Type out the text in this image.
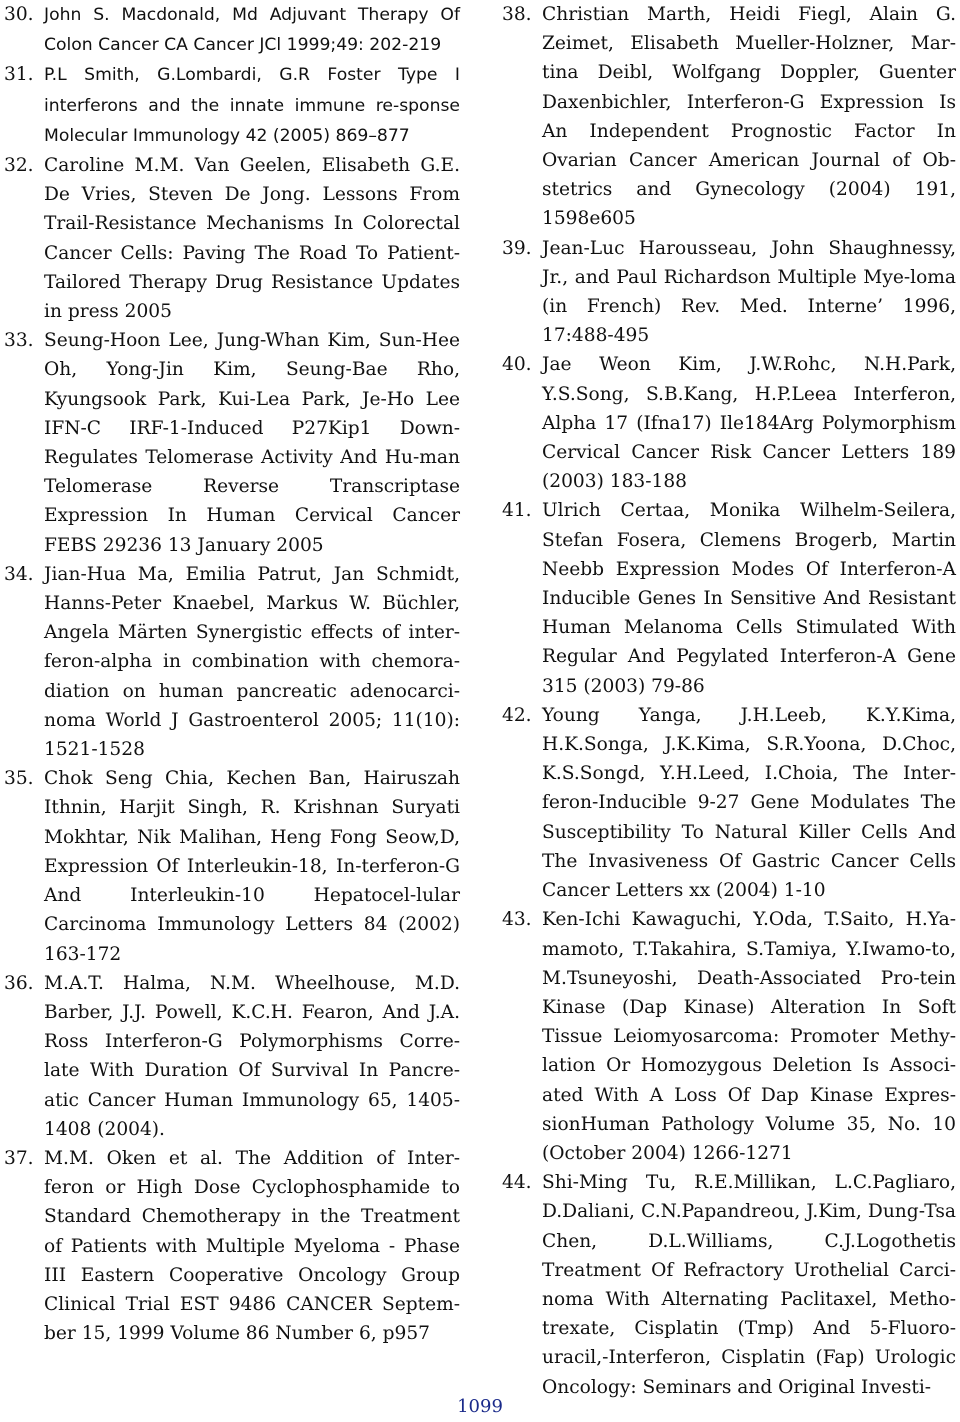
30. John S. Macdonald, Md Adjuvant Therapy Of Colon Cancer CA Cancer JCl 1999;49: 202-219
31. P.L Smith, G.Lombardi, G.R Foster Type I interferons and the innate immune re-sponse Molecular Immunology 42 (2005) 869–877
32. Caroline M.M. Van Geelen, Elisabeth G.E. De Vries, Steven De Jong. Lessons From Trail-Resistance Mechanisms In Colorectal Cancer Cells: Paving The Road To Patient-Tailored Therapy Drug Resistance Updates in press 2005
33. Seung-Hoon Lee, Jung-Whan Kim, Sun-Hee Oh, Yong-Jin Kim, Seung-Bae Rho, Kyungsook Park, Kui-Lea Park, Je-Ho Lee IFN-C IRF-1-Induced P27Kip1 Down-Regulates Telomerase Activity And Hu-man Telomerase Reverse Transcriptase Expression In Human Cervical Cancer FEBS 29236 13 January 2005
34. Jian-Hua Ma, Emilia Patrut, Jan Schmidt, Hanns-Peter Knaebel, Markus W. Büchler, Angela Märten Synergistic effects of inter-feron-alpha in combination with chemora-diation on human pancreatic adenocarci-noma World J Gastroenterol 2005; 11(10): 1521-1528
35. Chok Seng Chia, Kechen Ban, Hairuszah Ithnin, Harjit Singh, R. Krishnan Suryati Mokhtar, Nik Malihan, Heng Fong Seow,D, Expression Of Interleukin-18, In-terferon-G And Interleukin-10 Hepatocel-lular Carcinoma Immunology Letters 84 (2002) 163-172
36. M.A.T. Halma, N.M. Wheelhouse, M.D. Barber, J.J. Powell, K.C.H. Fearon, And J.A. Ross Interferon-G Polymorphisms Corre-late With Duration Of Survival In Pancre-atic Cancer Human Immunology 65, 1405-1408 (2004).
37. M.M. Oken et al. The Addition of Inter-feron or High Dose Cyclophosphamide to Standard Chemotherapy in the Treatment of Patients with Multiple Myeloma - Phase III Eastern Cooperative Oncology Group Clinical Trial EST 9486 CANCER Septem-ber 15, 1999 Volume 86 Number 6, p957
38. Christian Marth, Heidi Fiegl, Alain G. Zeimet, Elisabeth Mueller-Holzner, Mar-tina Deibl, Wolfgang Doppler, Guenter Daxenbichler, Interferon-G Expression Is An Independent Prognostic Factor In Ovarian Cancer American Journal of Ob-stetrics and Gynecology (2004) 191, 1598e605
39. Jean-Luc Harousseau, John Shaughnessy, Jr., and Paul Richardson Multiple Mye-loma (in French) Rev. Med. Interne’ 1996, 17:488-495
40. Jae Weon Kim, J.W.Rohc, N.H.Park, Y.S.Song, S.B.Kang, H.P.Leea Interferon, Alpha 17 (Ifna17) Ile184Arg Polymorphism Cervical Cancer Risk Cancer Letters 189 (2003) 183-188
41. Ulrich Certaa, Monika Wilhelm-Seilera, Stefan Fosera, Clemens Brogerb, Martin Neebb Expression Modes Of Interferon-A Inducible Genes In Sensitive And Resistant Human Melanoma Cells Stimulated With Regular And Pegylated Interferon-A Gene 315 (2003) 79-86
42. Young Yanga, J.H.Leeb, K.Y.Kima, H.K.Songa, J.K.Kima, S.R.Yoona, D.Choc, K.S.Songd, Y.H.Leed, I.Choia, The Inter-feron-Inducible 9-27 Gene Modulates The Susceptibility To Natural Killer Cells And The Invasiveness Of Gastric Cancer Cells Cancer Letters xx (2004) 1-10
43. Ken-Ichi Kawaguchi, Y.Oda, T.Saito, H.Ya-mamoto, T.Takahira, S.Tamiya, Y.Iwamo-to, M.Tsuneyoshi, Death-Associated Pro-tein Kinase (Dap Kinase) Alteration In Soft Tissue Leiomyosarcoma: Promoter Methy-lation Or Homozygous Deletion Is Associ-ated With A Loss Of Dap Kinase Expres-sionHuman Pathology Volume 35, No. 10 (October 2004) 1266-1271
44. Shi-Ming Tu, R.E.Millikan, L.C.Pagliaro, D.Daliani, C.N.Papandreou, J.Kim, Dung-Tsa Chen, D.L.Williams, C.J.Logothetis Treatment Of Refractory Urothelial Carci-noma With Alternating Paclitaxel, Metho-trexate, Cisplatin (Tmp) And 5-Fluoro-uracil,-Interferon, Cisplatin (Fap) Urologic Oncology: Seminars and Original Investi-
1099
